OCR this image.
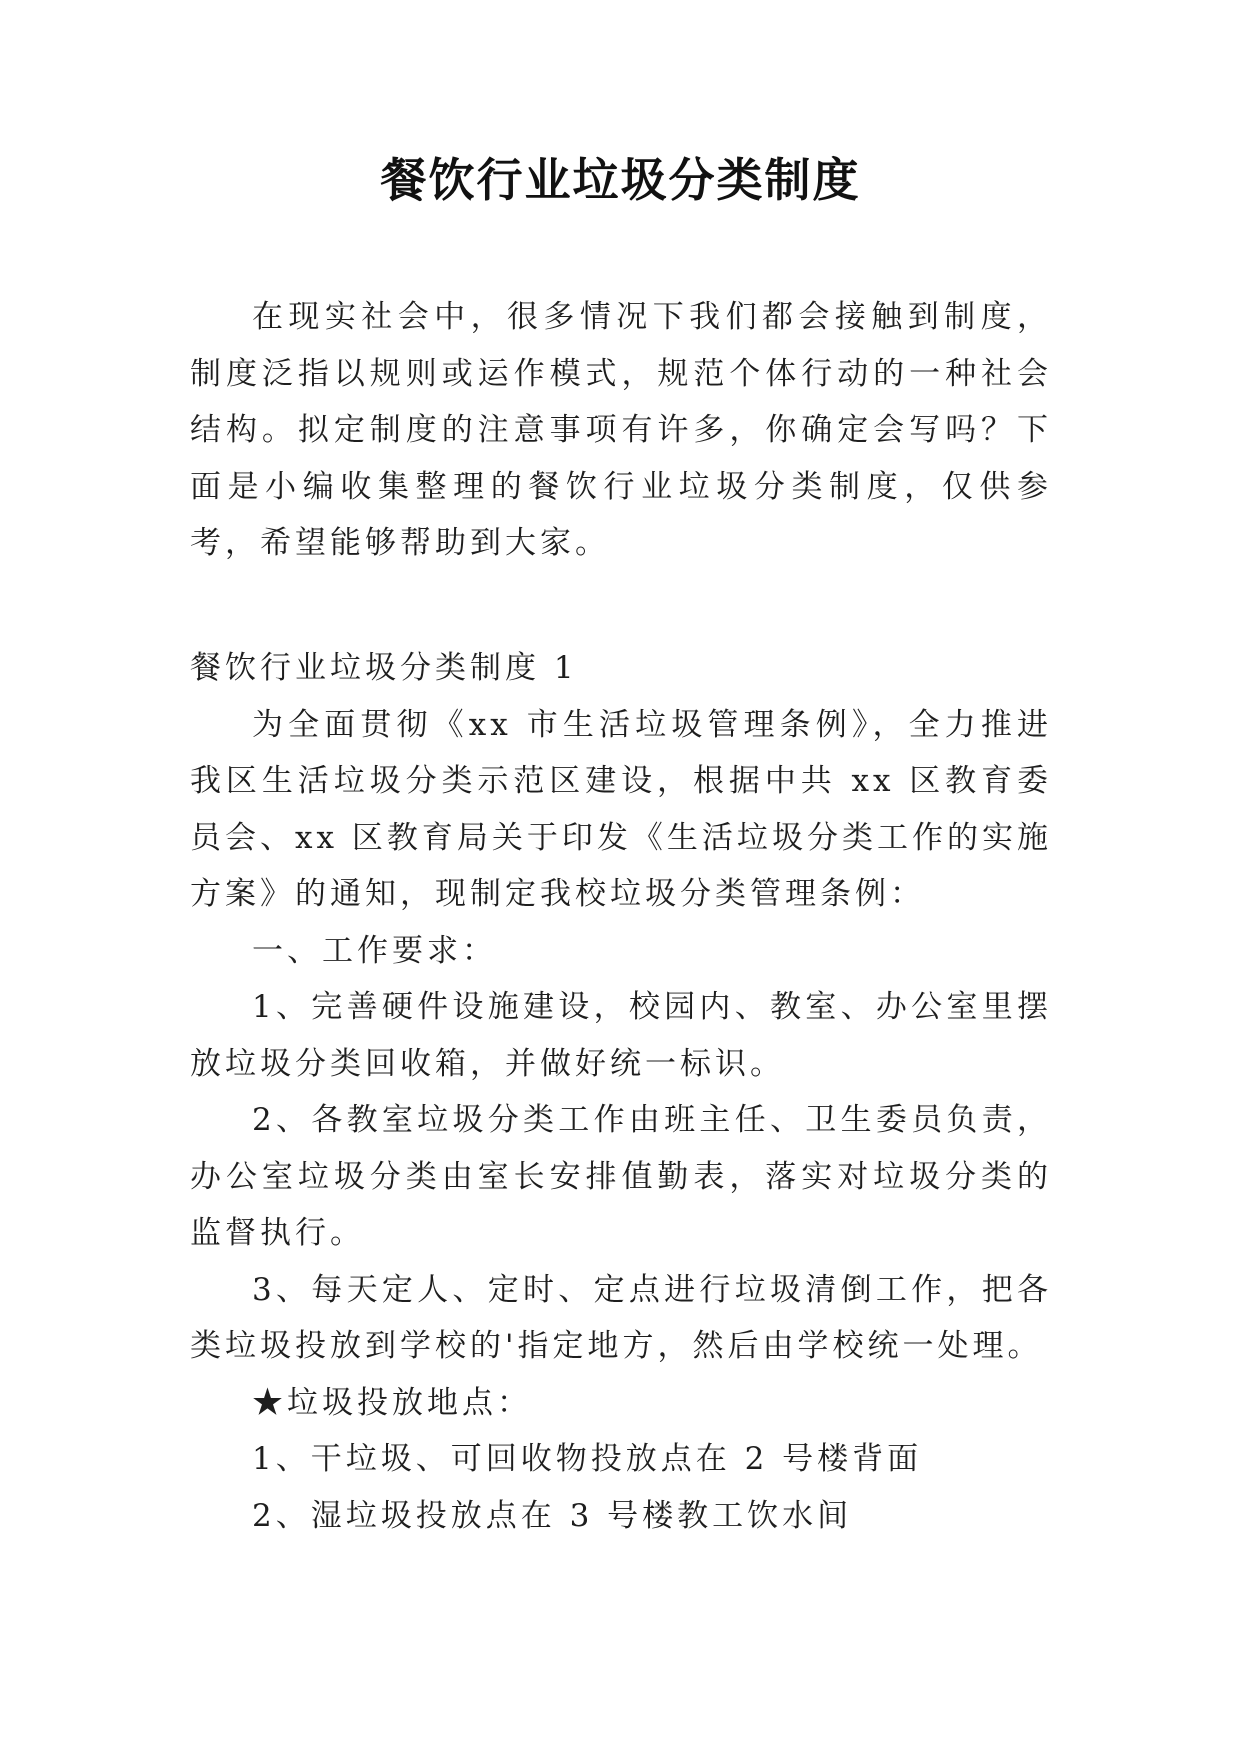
餐饮行业垃圾分类制度

在现实社会中，很多情况下我们都会接触到制度，制度泛指以规则或运作模式，规范个体行动的一种社会结构。拟定制度的注意事项有许多，你确定会写吗？下面是小编收集整理的餐饮行业垃圾分类制度，仅供参考，希望能够帮助到大家。

餐饮行业垃圾分类制度 1

为全面贯彻《xx 市生活垃圾管理条例》，全力推进我区生活垃圾分类示范区建设，根据中共 xx 区教育委员会、xx 区教育局关于印发《生活垃圾分类工作的实施方案》的通知，现制定我校垃圾分类管理条例：

一、工作要求：

1、完善硬件设施建设，校园内、教室、办公室里摆放垃圾分类回收箱，并做好统一标识。

2、各教室垃圾分类工作由班主任、卫生委员负责，办公室垃圾分类由室长安排值勤表，落实对垃圾分类的监督执行。

3、每天定人、定时、定点进行垃圾清倒工作，把各类垃圾投放到学校的'指定地方，然后由学校统一处理。

★垃圾投放地点：

1、干垃圾、可回收物投放点在 2 号楼背面

2、湿垃圾投放点在 3 号楼教工饮水间
